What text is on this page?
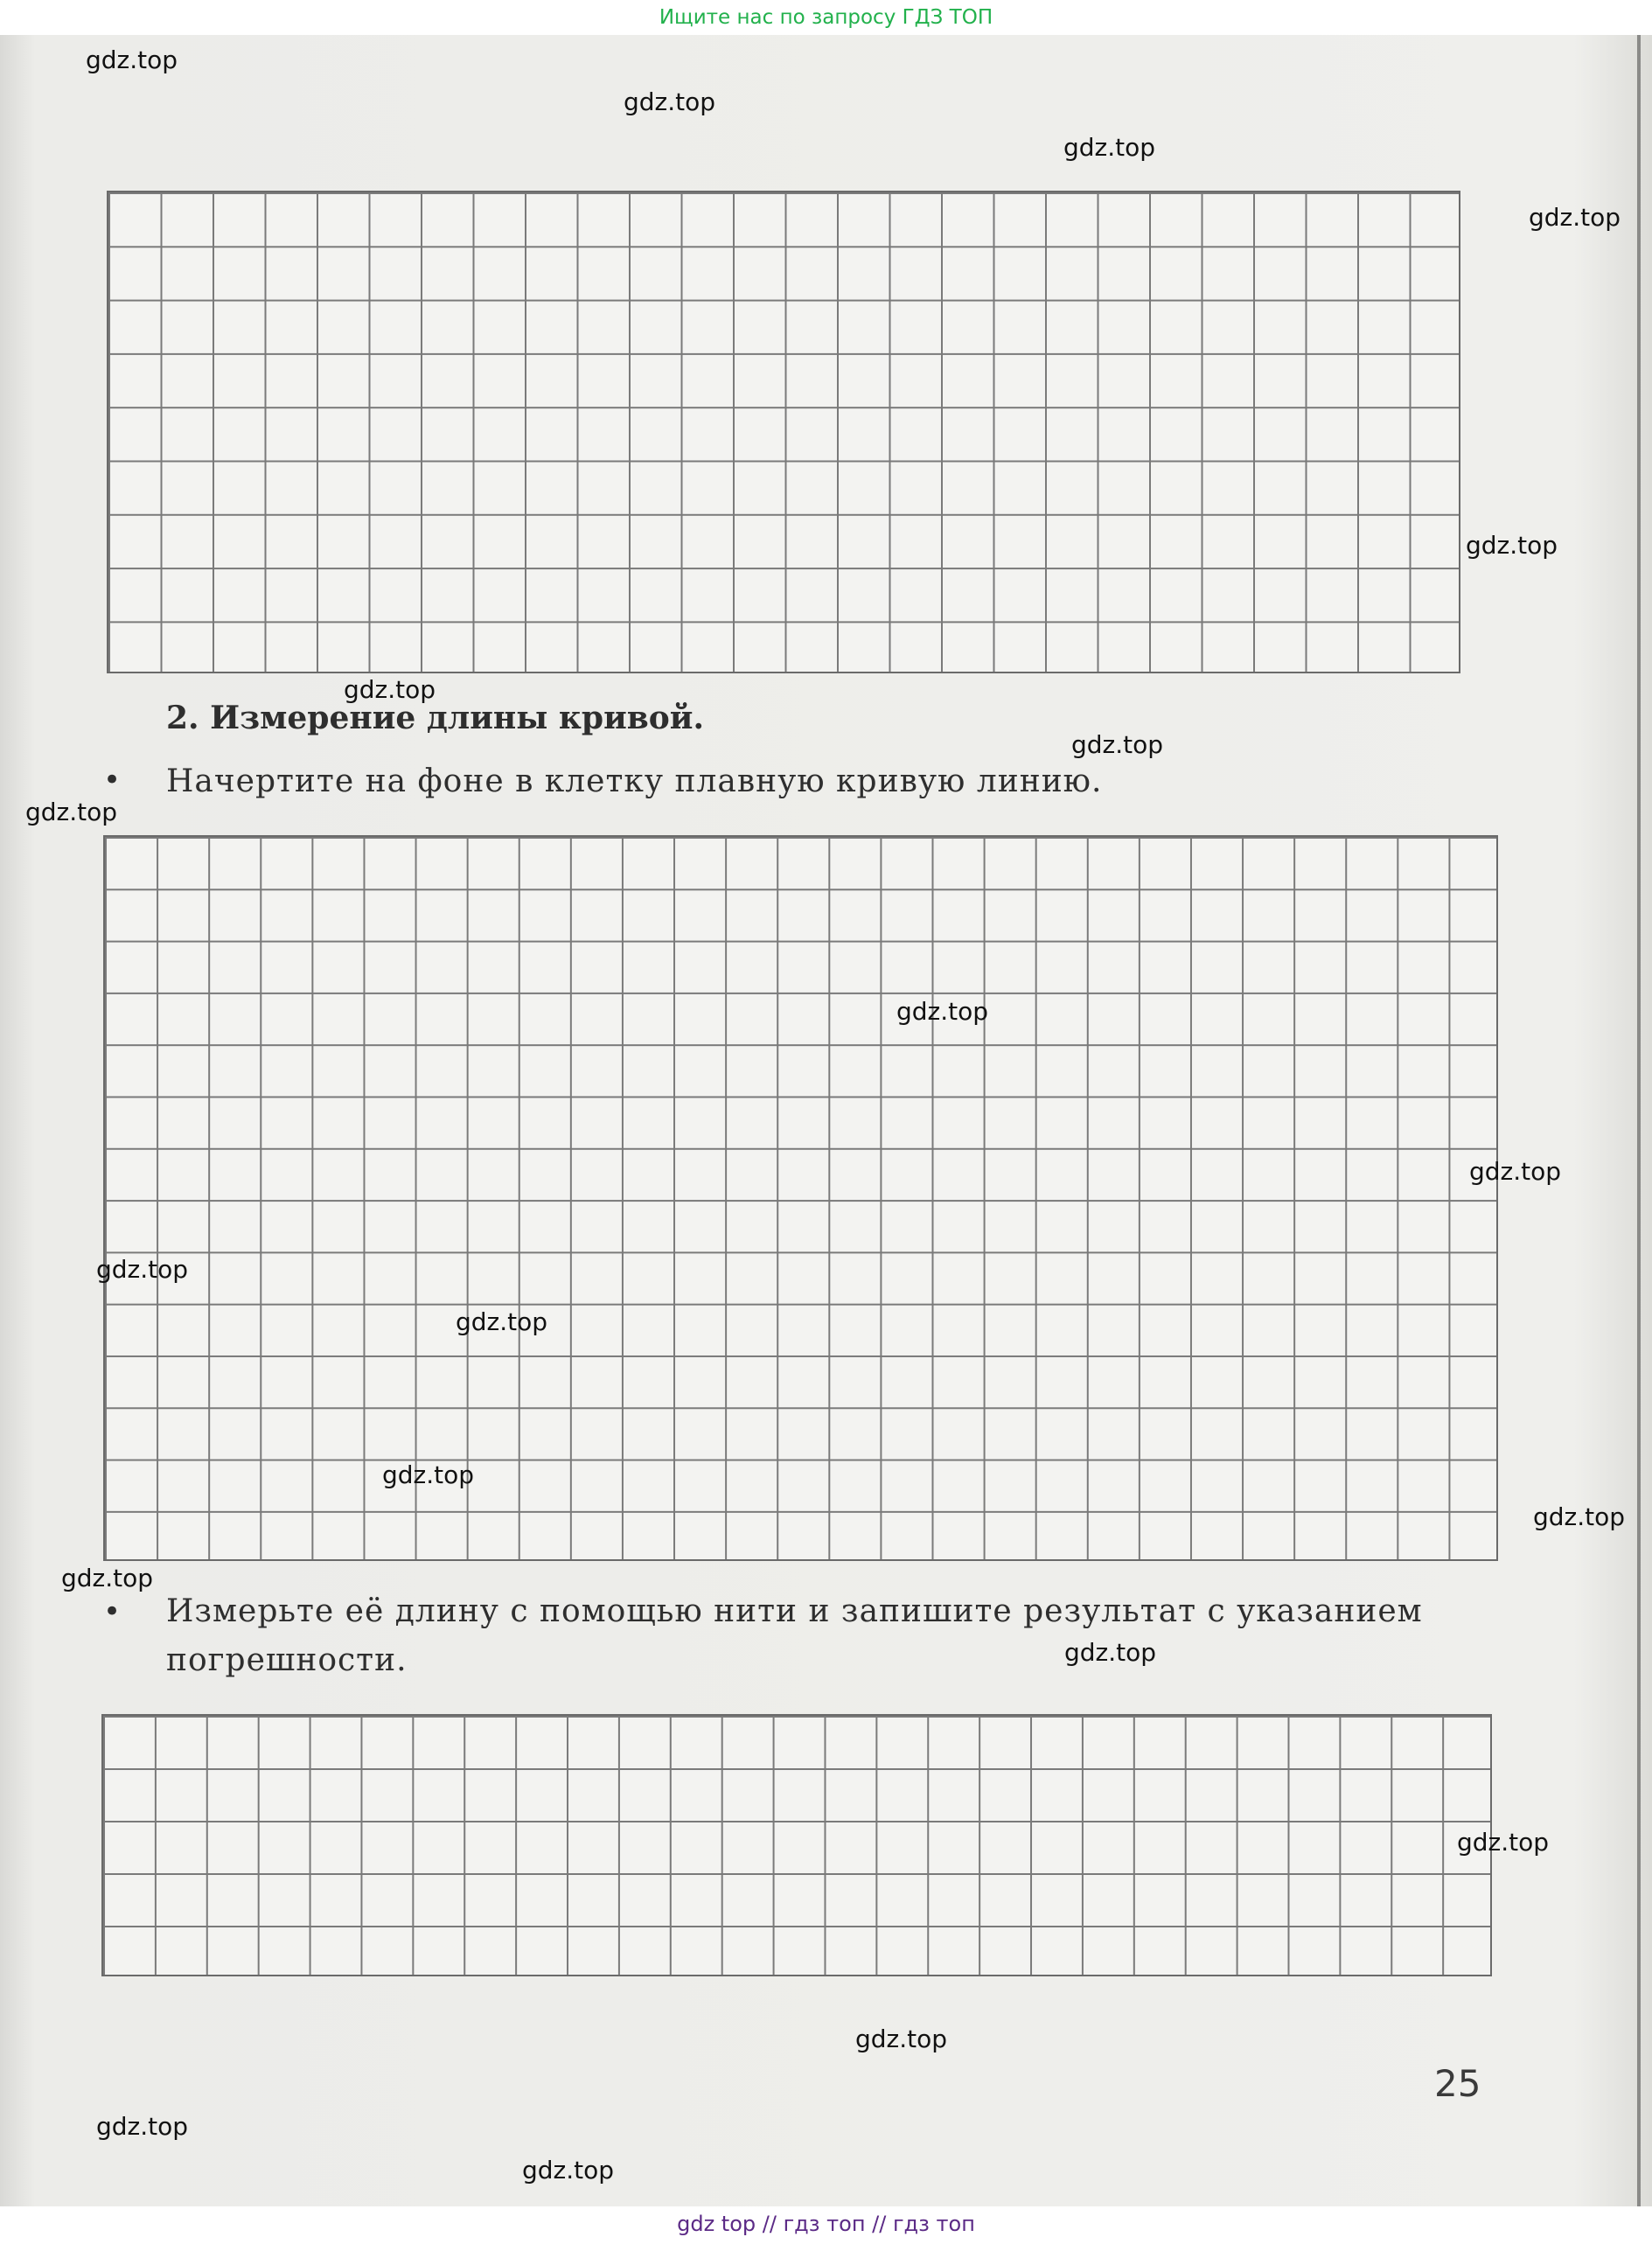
Ищите нас по запросу ГДЗ ТОП
2. Измерение длины кривой.
• Начертите на фоне в клетку плавную кривую линию.
• Измерьте её длину с помощью нити и запишите результат с указанием погрешности.
25
gdz.top
gdz.top
gdz.top
gdz.top
gdz.top
gdz.top
gdz.top
gdz.top
gdz.top
gdz.top
gdz.top
gdz.top
gdz.top
gdz.top
gdz.top
gdz.top
gdz.top
gdz.top
gdz.top
gdz.top
gdz top // гдз топ // гдз топ
